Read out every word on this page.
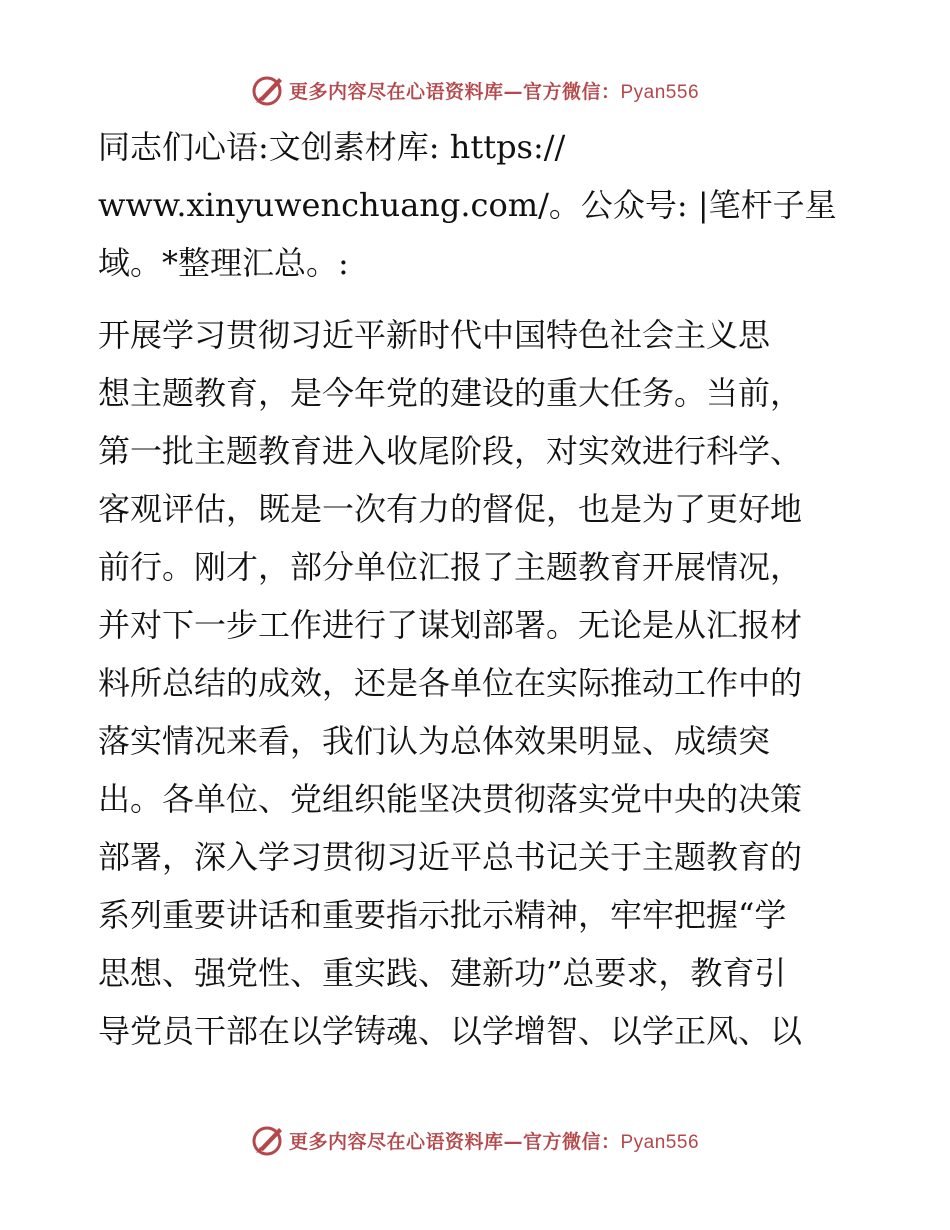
更多内容尽在心语资料库—官方微信：Pyan556

同志们心语:文创素材库: https://
www.xinyuwenchuang.com/。公众号: |笔杆子星
域。*整理汇总。:

开展学习贯彻习近平新时代中国特色社会主义思
想主题教育，是今年党的建设的重大任务。当前，
第一批主题教育进入收尾阶段，对实效进行科学、
客观评估，既是一次有力的督促，也是为了更好地
前行。刚才，部分单位汇报了主题教育开展情况，
并对下一步工作进行了谋划部署。无论是从汇报材
料所总结的成效，还是各单位在实际推动工作中的
落实情况来看，我们认为总体效果明显、成绩突
出。各单位、党组织能坚决贯彻落实党中央的决策
部署，深入学习贯彻习近平总书记关于主题教育的
系列重要讲话和重要指示批示精神，牢牢把握“学
思想、强党性、重实践、建新功”总要求，教育引
导党员干部在以学铸魂、以学增智、以学正风、以

更多内容尽在心语资料库—官方微信：Pyan556
